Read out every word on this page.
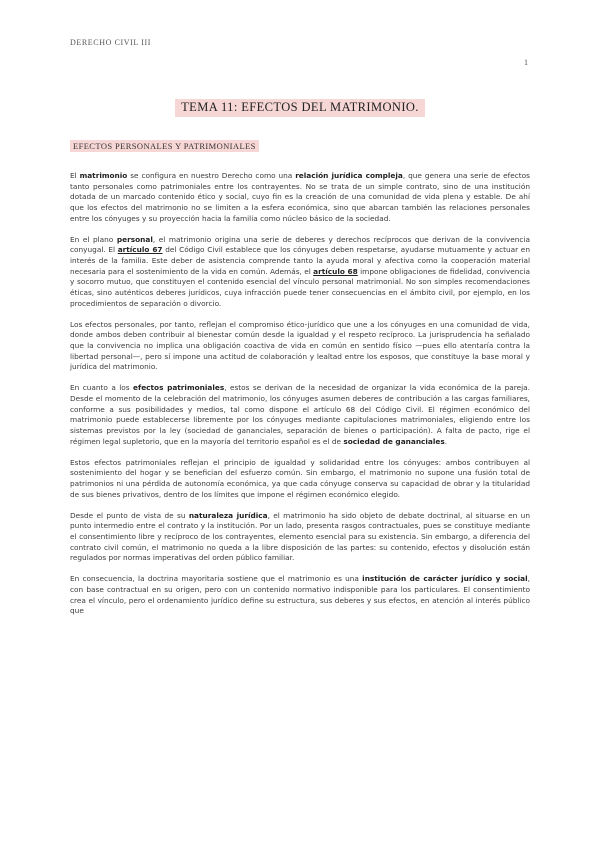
DERECHO CIVIL III
1
TEMA 11: EFECTOS DEL MATRIMONIO.
EFECTOS PERSONALES Y PATRIMONIALES

El matrimonio se configura en nuestro Derecho como una relación jurídica compleja, que genera una serie de efectos tanto personales como patrimoniales entre los contrayentes. No se trata de un simple contrato, sino de una institución dotada de un marcado contenido ético y social, cuyo fin es la creación de una comunidad de vida plena y estable. De ahí que los efectos del matrimonio no se limiten a la esfera económica, sino que abarcan también las relaciones personales entre los cónyuges y su proyección hacia la familia como núcleo básico de la sociedad.

En el plano personal, el matrimonio origina una serie de deberes y derechos recíprocos que derivan de la convivencia conyugal. El artículo 67 del Código Civil establece que los cónyuges deben respetarse, ayudarse mutuamente y actuar en interés de la familia. Este deber de asistencia comprende tanto la ayuda moral y afectiva como la cooperación material necesaria para el sostenimiento de la vida en común. Además, el artículo 68 impone obligaciones de fidelidad, convivencia y socorro mutuo, que constituyen el contenido esencial del vínculo personal matrimonial. No son simples recomendaciones éticas, sino auténticos deberes jurídicos, cuya infracción puede tener consecuencias en el ámbito civil, por ejemplo, en los procedimientos de separación o divorcio.

Los efectos personales, por tanto, reflejan el compromiso ético-jurídico que une a los cónyuges en una comunidad de vida, donde ambos deben contribuir al bienestar común desde la igualdad y el respeto recíproco. La jurisprudencia ha señalado que la convivencia no implica una obligación coactiva de vida en común en sentido físico —pues ello atentaría contra la libertad personal—, pero sí impone una actitud de colaboración y lealtad entre los esposos, que constituye la base moral y jurídica del matrimonio.

En cuanto a los efectos patrimoniales, estos se derivan de la necesidad de organizar la vida económica de la pareja. Desde el momento de la celebración del matrimonio, los cónyuges asumen deberes de contribución a las cargas familiares, conforme a sus posibilidades y medios, tal como dispone el artículo 68 del Código Civil. El régimen económico del matrimonio puede establecerse libremente por los cónyuges mediante capitulaciones matrimoniales, eligiendo entre los sistemas previstos por la ley (sociedad de gananciales, separación de bienes o participación). A falta de pacto, rige el régimen legal supletorio, que en la mayoría del territorio español es el de sociedad de gananciales.

Estos efectos patrimoniales reflejan el principio de igualdad y solidaridad entre los cónyuges: ambos contribuyen al sostenimiento del hogar y se benefician del esfuerzo común. Sin embargo, el matrimonio no supone una fusión total de patrimonios ni una pérdida de autonomía económica, ya que cada cónyuge conserva su capacidad de obrar y la titularidad de sus bienes privativos, dentro de los límites que impone el régimen económico elegido.

Desde el punto de vista de su naturaleza jurídica, el matrimonio ha sido objeto de debate doctrinal, al situarse en un punto intermedio entre el contrato y la institución. Por un lado, presenta rasgos contractuales, pues se constituye mediante el consentimiento libre y recíproco de los contrayentes, elemento esencial para su existencia. Sin embargo, a diferencia del contrato civil común, el matrimonio no queda a la libre disposición de las partes: su contenido, efectos y disolución están regulados por normas imperativas del orden público familiar.

En consecuencia, la doctrina mayoritaria sostiene que el matrimonio es una institución de carácter jurídico y social, con base contractual en su origen, pero con un contenido normativo indisponible para los particulares. El consentimiento crea el vínculo, pero el ordenamiento jurídico define su estructura, sus deberes y sus efectos, en atención al interés público que
